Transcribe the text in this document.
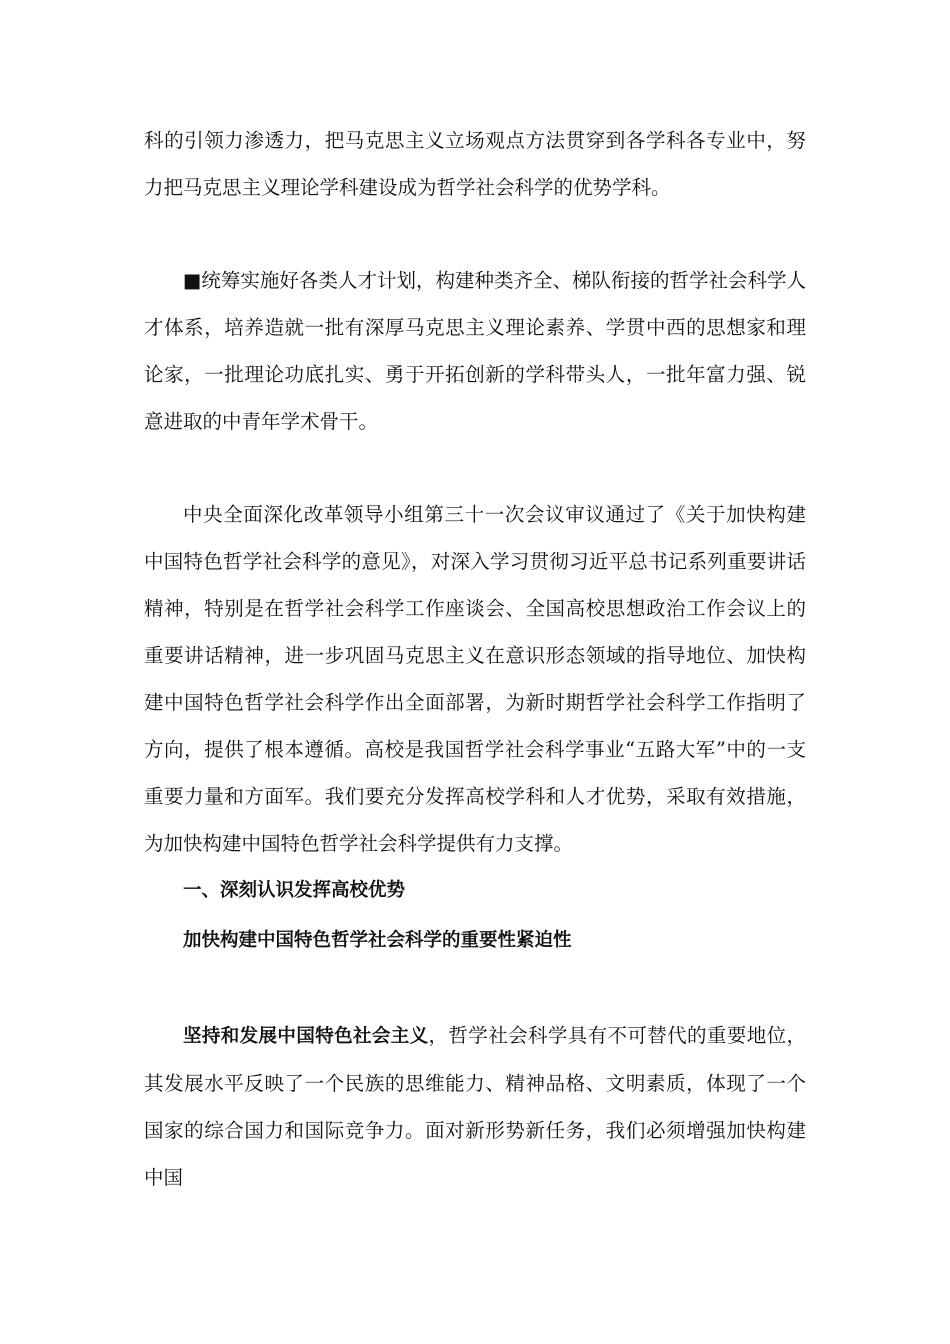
科的引领力渗透力，把马克思主义立场观点方法贯穿到各学科各专业中，努力把马克思主义理论学科建设成为哲学社会科学的优势学科。

■统筹实施好各类人才计划，构建种类齐全、梯队衔接的哲学社会科学人才体系，培养造就一批有深厚马克思主义理论素养、学贯中西的思想家和理论家，一批理论功底扎实、勇于开拓创新的学科带头人，一批年富力强、锐意进取的中青年学术骨干。

中央全面深化改革领导小组第三十一次会议审议通过了《关于加快构建中国特色哲学社会科学的意见》，对深入学习贯彻习近平总书记系列重要讲话精神，特别是在哲学社会科学工作座谈会、全国高校思想政治工作会议上的重要讲话精神，进一步巩固马克思主义在意识形态领域的指导地位、加快构建中国特色哲学社会科学作出全面部署，为新时期哲学社会科学工作指明了方向，提供了根本遵循。高校是我国哲学社会科学事业“五路大军”中的一支重要力量和方面军。我们要充分发挥高校学科和人才优势，采取有效措施，为加快构建中国特色哲学社会科学提供有力支撑。

一、深刻认识发挥高校优势

加快构建中国特色哲学社会科学的重要性紧迫性

坚持和发展中国特色社会主义，哲学社会科学具有不可替代的重要地位，其发展水平反映了一个民族的思维能力、精神品格、文明素质，体现了一个国家的综合国力和国际竞争力。面对新形势新任务，我们必须增强加快构建中国
